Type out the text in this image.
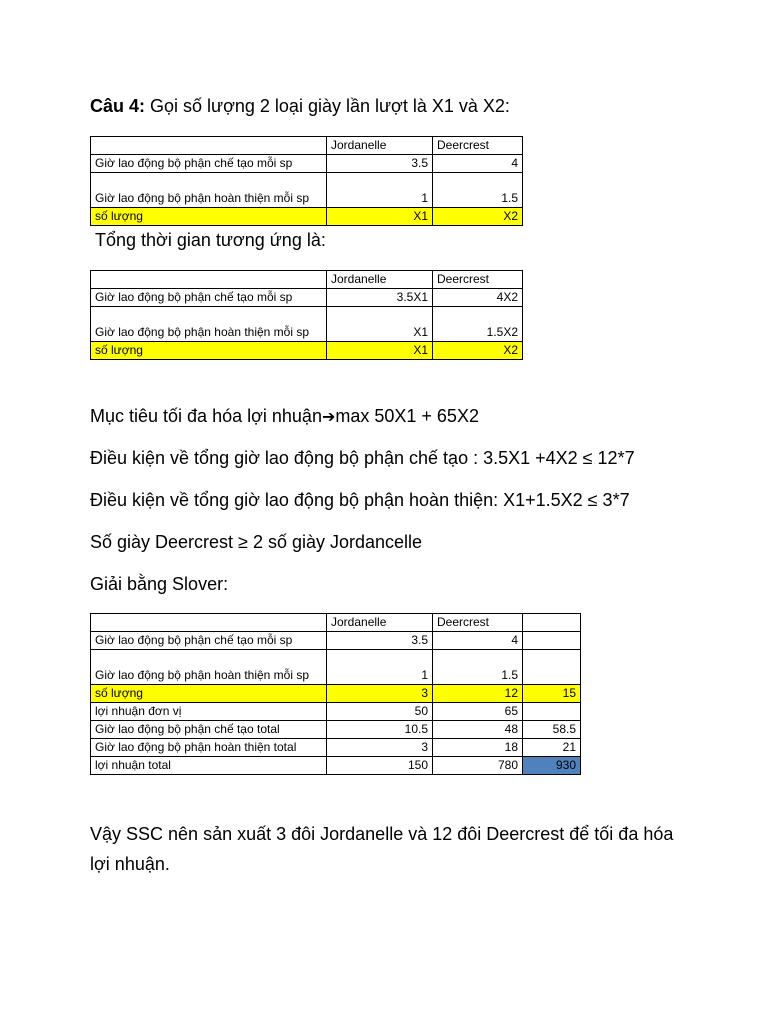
Câu 4: Gọi số lượng 2 loại giày lần lượt là X1 và X2:
	Jordanelle	Deercrest
Giờ lao động bộ phận chế tạo mỗi sp	3.5	4
Giờ lao động bộ phận hoàn thiện mỗi sp	1	1.5
số lượng	X1	X2
Tổng thời gian tương ứng là:
	Jordanelle	Deercrest
Giờ lao động bộ phận chế tạo mỗi sp	3.5X1	4X2
Giờ lao động bộ phận hoàn thiện mỗi sp	X1	1.5X2
số lượng	X1	X2
Mục tiêu tối đa hóa lợi nhuận➔max 50X1 + 65X2
Điều kiện về tổng giờ lao động bộ phận chế tạo : 3.5X1 +4X2 ≤ 12*7
Điều kiện về tổng giờ lao động bộ phận hoàn thiện: X1+1.5X2 ≤ 3*7
Số giày Deercrest ≥ 2 số giày Jordancelle
Giải bằng Slover:
	Jordanelle	Deercrest	
Giờ lao động bộ phận chế tạo mỗi sp	3.5	4	
Giờ lao động bộ phận hoàn thiện mỗi sp	1	1.5	
số lượng	3	12	15
lợi nhuận đơn vị	50	65	
Giờ lao động bộ phận chế tạo total	10.5	48	58.5
Giờ lao động bộ phận hoàn thiện total	3	18	21
lợi nhuận total	150	780	930
Vậy SSC nên sản xuất 3 đôi Jordanelle và 12 đôi Deercrest để tối đa hóa
lợi nhuận.
